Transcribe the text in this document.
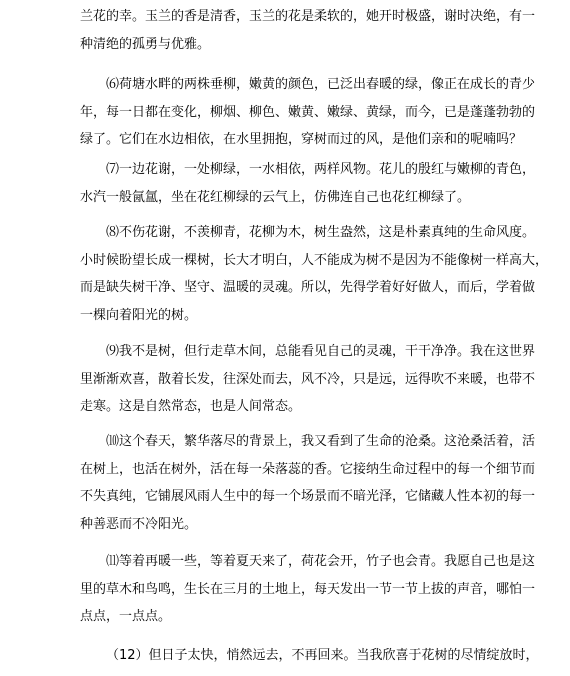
兰花的幸。玉兰的香是清香，玉兰的花是柔软的，她开时极盛，谢时决绝，有一
种清绝的孤勇与优雅。
⑹荷塘水畔的两株垂柳，嫩黄的颜色，已泛出春暖的绿，像正在成长的青少
年，每一日都在变化，柳烟、柳色、嫩黄、嫩绿、黄绿，而今，已是蓬蓬勃勃的
绿了。它们在水边相依，在水里拥抱，穿树而过的风，是他们亲和的呢喃吗？
⑺一边花谢，一处柳绿，一水相依，两样风物。花儿的殷红与嫩柳的青色，
水汽一般氤氲，坐在花红柳绿的云气上，仿佛连自己也花红柳绿了。
⑻不伤花谢，不羡柳青，花柳为木，树生盎然，这是朴素真纯的生命风度。
小时候盼望长成一棵树，长大才明白，人不能成为树不是因为不能像树一样高大，
而是缺失树干净、坚守、温暖的灵魂。所以，先得学着好好做人，而后，学着做
一棵向着阳光的树。
⑼我不是树，但行走草木间，总能看见自己的灵魂，干干净净。我在这世界
里渐渐欢喜，散着长发，往深处而去，风不冷，只是远，远得吹不来暖，也带不
走寒。这是自然常态，也是人间常态。
⑽这个春天，繁华落尽的背景上，我又看到了生命的沧桑。这沧桑活着，活
在树上，也活在树外，活在每一朵落蕊的香。它接纳生命过程中的每一个细节而
不失真纯，它铺展风雨人生中的每一个场景而不暗光泽，它储藏人性本初的每一
种善恶而不冷阳光。
⑾等着再暖一些，等着夏天来了，荷花会开，竹子也会青。我愿自己也是这
里的草木和鸟鸣，生长在三月的土地上，每天发出一节一节上拔的声音，哪怕一
点点，一点点。
（12）但日子太快，悄然远去，不再回来。当我欣喜于花树的尽情绽放时，
